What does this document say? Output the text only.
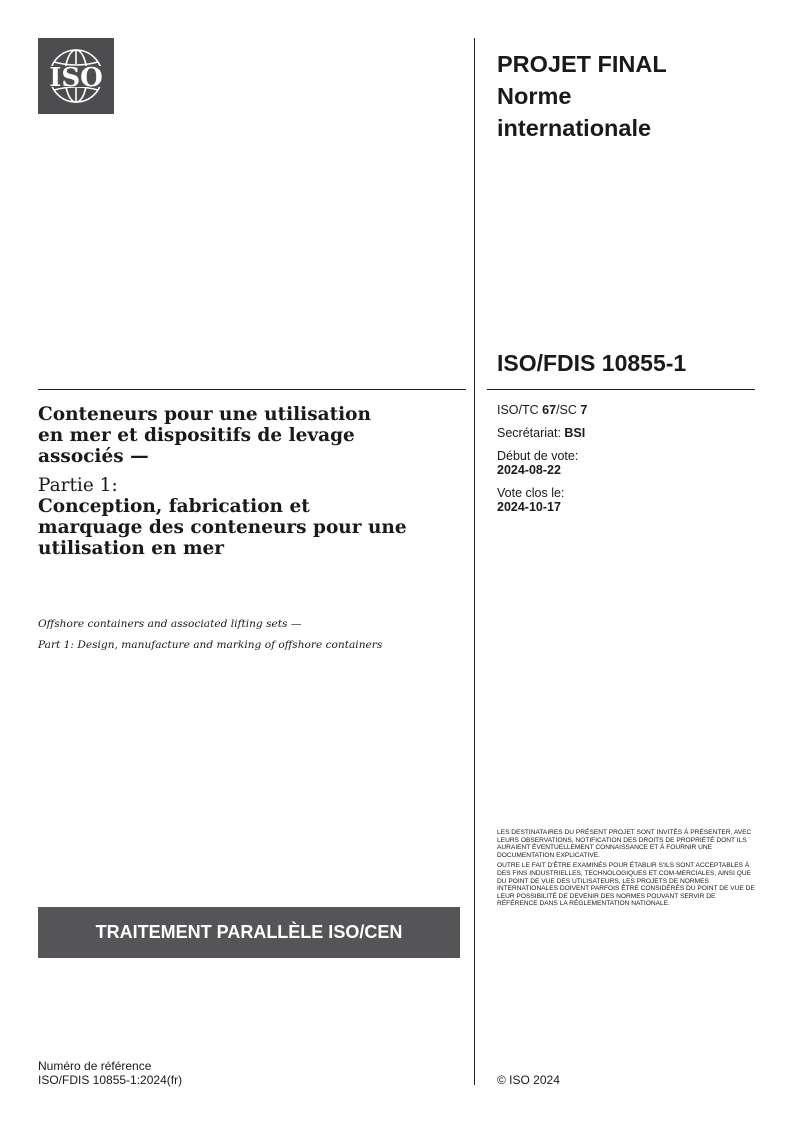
ISO	PROJET FINAL
Norme
internationale
ISO/FDIS 10855-1
ISO/TC 67/SC 7
Secrétariat: BSI
Début de vote:
2024-08-22
Vote clos le:
2024-10-17
Conteneurs pour une utilisation
en mer et dispositifs de levage
associés —
Partie 1:
Conception, fabrication et
marquage des conteneurs pour une
utilisation en mer
Offshore containers and associated lifting sets —
Part 1: Design, manufacture and marking of offshore containers

LES DESTINATAIRES DU PRÉSENT PROJET SONT INVITÉS À PRÉSENTER, AVEC LEURS OBSERVATIONS, NOTIFICATION DES DROITS DE PROPRIÉTÉ DONT ILS AURAIENT ÉVENTUELLEMENT CONNAISSANCE ET À FOURNIR UNE DOCUMENTATION EXPLICATIVE.

OUTRE LE FAIT D'ÊTRE EXAMINÉS POUR ÉTABLIR S'ILS SONT ACCEPTABLES À DES FINS INDUSTRIELLES, TECHNOLOGIQUES ET COM-MERCIALES, AINSI QUE DU POINT DE VUE DES UTILISATEURS, LES PROJETS DE NORMES INTERNATIONALES DOIVENT PARFOIS ÊTRE CONSIDÉRÉS DU POINT DE VUE DE LEUR POSSIBILITÉ DE DEVENIR DES NORMES POUVANT SERVIR DE RÉFÉRENCE DANS LA RÉGLEMENTATION NATIONALE.

TRAITEMENT PARALLÈLE ISO/CEN
Numéro de référence
ISO/FDIS 10855-1:2024(fr)	© ISO 2024
